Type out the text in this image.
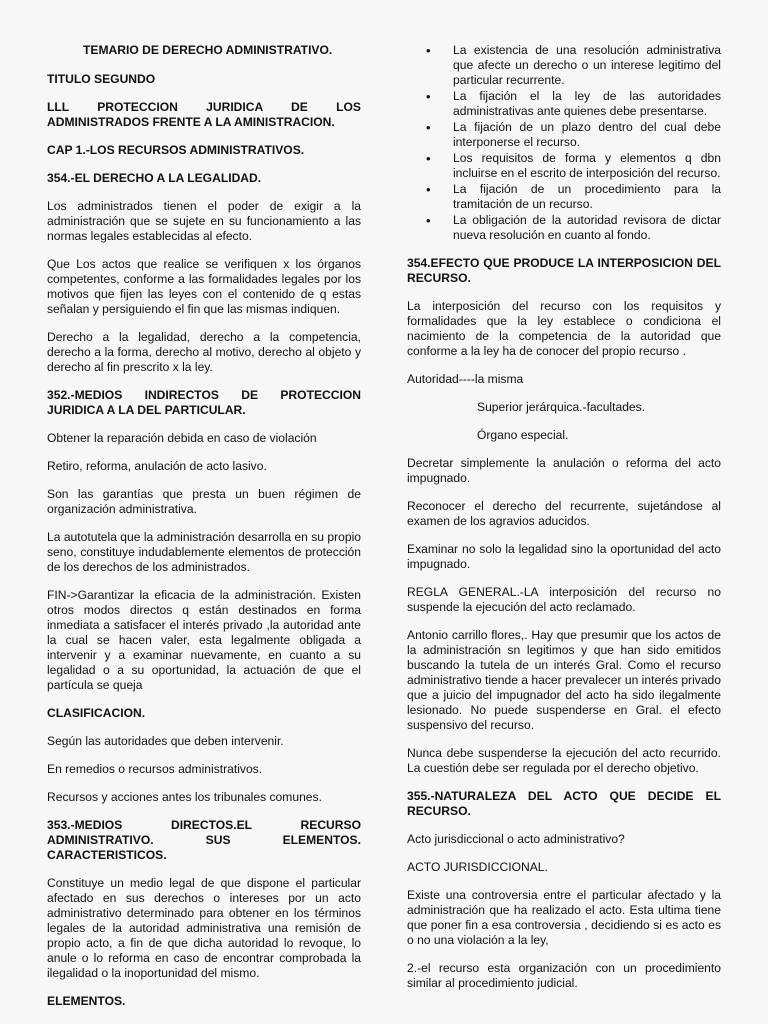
TEMARIO DE DERECHO ADMINISTRATIVO.

TITULO SEGUNDO

LLL PROTECCION JURIDICA DE LOS ADMINISTRADOS FRENTE A LA AMINISTRACION.

CAP 1.-LOS RECURSOS ADMINISTRATIVOS.

354.-EL DERECHO A LA LEGALIDAD.

Los administrados tienen el poder de exigir a la administración que se sujete en su funcionamiento a las normas legales establecidas al efecto.

Que Los actos que realice se verifiquen x los órganos competentes, conforme a las formalidades legales por los motivos que fijen las leyes con el contenido de q estas señalan y persiguiendo el fin que las mismas indiquen.

Derecho a la legalidad, derecho a la competencia, derecho a la forma, derecho al motivo, derecho al objeto y derecho al fin prescrito x la ley.

352.-MEDIOS INDIRECTOS DE PROTECCION JURIDICA A LA DEL PARTICULAR.

Obtener la reparación debida en caso de violación

Retiro, reforma, anulación de acto lasivo.

Son las garantías que presta un buen régimen de organización administrativa.

La autotutela que la administración desarrolla en su propio seno, constituye indudablemente elementos de protección de los derechos de los administrados.

FIN->Garantizar la eficacia de la administración. Existen otros modos directos q están destinados en forma inmediata a satisfacer el interés privado ,la autoridad ante la cual se hacen valer, esta legalmente obligada a intervenir y a examinar nuevamente, en cuanto a su legalidad o a su oportunidad, la actuación de que el partícula se queja

CLASIFICACION.

Según las autoridades que deben intervenir.

En remedios o recursos administrativos.

Recursos y acciones antes los tribunales comunes.

353.-MEDIOS DIRECTOS.EL RECURSO ADMINISTRATIVO. SUS ELEMENTOS. CARACTERISTICOS.

Constituye un medio legal de que dispone el particular afectado en sus derechos o intereses por un acto administrativo determinado para obtener en los términos legales de la autoridad administrativa una remisión de propio acto, a fin de que dicha autoridad lo revoque, lo anule o lo reforma en caso de encontrar comprobada la ilegalidad o la inoportunidad del mismo.

ELEMENTOS.

• La existencia de una resolución administrativa que afecte un derecho o un interese legitimo del particular recurrente.
• La fijación el la ley de las autoridades administrativas ante quienes debe presentarse.
• La fijación de un plazo dentro del cual debe interponerse el recurso.
• Los requisitos de forma y elementos q dbn incluirse en el escrito de interposición del recurso.
• La fijación de un procedimiento para la tramitación de un recurso.
• La obligación de la autoridad revisora de dictar nueva resolución en cuanto al fondo.

354.EFECTO QUE PRODUCE LA INTERPOSICION DEL RECURSO.

La interposición del recurso con los requisitos y formalidades que la ley establece o condiciona el nacimiento de la competencia de la autoridad que conforme a la ley ha de conocer del propio recurso .

Autoridad----la misma

Superior jerárquica.-facultades.

Órgano especial.

Decretar simplemente la anulación o reforma del acto impugnado.

Reconocer el derecho del recurrente, sujetándose al examen de los agravios aducidos.

Examinar no solo la legalidad sino la oportunidad del acto impugnado.

REGLA GENERAL.-LA interposición del recurso no suspende la ejecución del acto reclamado.

Antonio carrillo flores,. Hay que presumir que los actos de la administración sn legitimos y que han sido emitidos buscando la tutela de un interés Gral. Como el recurso administrativo tiende a hacer prevalecer un interés privado que a juicio del impugnador del acto ha sido ilegalmente lesionado. No puede suspenderse en Gral. el efecto suspensivo del recurso.

Nunca debe suspenderse la ejecución del acto recurrido. La cuestión debe ser regulada por el derecho objetivo.

355.-NATURALEZA DEL ACTO QUE DECIDE EL RECURSO.

Acto jurisdiccional o acto administrativo?

ACTO JURISDICCIONAL.

Existe una controversia entre el particular afectado y la administración que ha realizado el acto. Esta ultima tiene que poner fin a esa controversia , decidiendo si es acto es o no una violación a la ley,

2.-el recurso esta organización con un procedimiento similar al procedimiento judicial.
